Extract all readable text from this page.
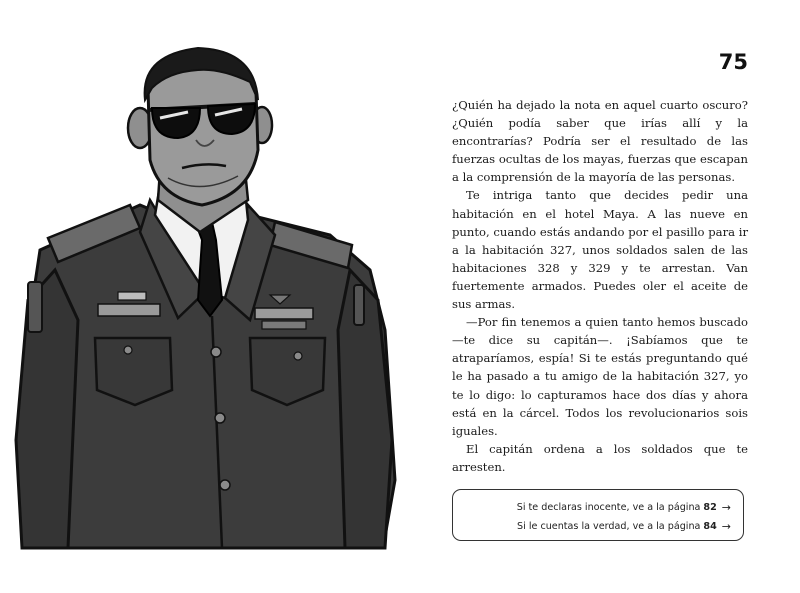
75

¿Quién ha dejado la nota en aquel cuarto oscuro? ¿Quién podía saber que irías allí y la encontrarías? Podría ser el resultado de las fuerzas ocultas de los mayas, fuerzas que escapan a la comprensión de la mayoría de las personas.

Te intriga tanto que decides pedir una habitación en el hotel Maya. A las nueve en punto, cuando estás andando por el pasillo para ir a la habitación 327, unos soldados salen de las habitaciones 328 y 329 y te arrestan. Van fuertemente armados. Puedes oler el aceite de sus armas.

—Por fin tenemos a quien tanto hemos buscado —te dice su capitán—. ¡Sabíamos que te atraparíamos, espía! Si te estás preguntando qué le ha pasado a tu amigo de la habitación 327, yo te lo digo: lo capturamos hace dos días y ahora está en la cárcel. Todos los revolucionarios sois iguales.

El capitán ordena a los soldados que te arresten.

Si te declaras inocente, ve a la página 82 →
Si le cuentas la verdad, ve a la página 84 →
